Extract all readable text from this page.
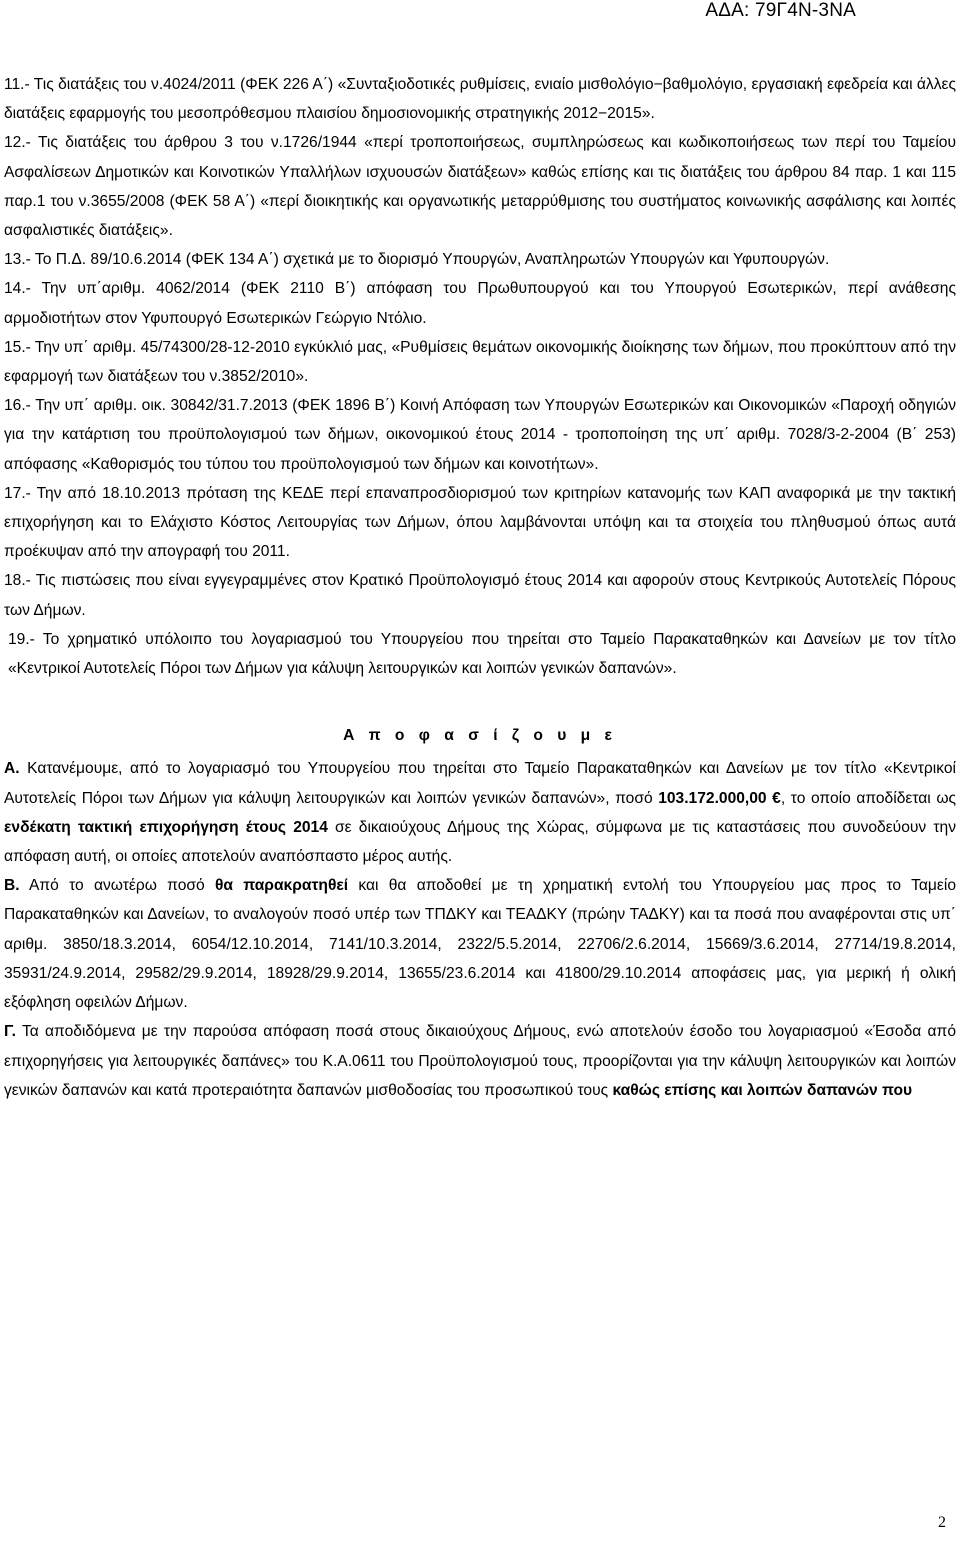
ΑΔΑ: 79Γ4Ν-3ΝΑ

11.- Τις διατάξεις του ν.4024/2011 (ΦΕΚ 226 Α΄) «Συνταξιοδοτικές ρυθμίσεις, ενιαίο μισθολόγιο−βαθμολόγιο, εργασιακή εφεδρεία και άλλες διατάξεις εφαρμογής του μεσοπρόθεσμου πλαισίου δημοσιονομικής στρατηγικής 2012−2015».

12.- Τις διατάξεις του άρθρου 3 του ν.1726/1944 «περί τροποποιήσεως, συμπληρώσεως και κωδικοποιήσεως των περί του Ταμείου Ασφαλίσεων Δημοτικών και Κοινοτικών Υπαλλήλων ισχυουσών διατάξεων» καθώς επίσης και τις διατάξεις του άρθρου 84 παρ. 1 και 115 παρ.1 του ν.3655/2008 (ΦΕΚ 58 Α΄) «περί διοικητικής και οργανωτικής μεταρρύθμισης του συστήματος κοινωνικής ασφάλισης και λοιπές ασφαλιστικές διατάξεις».

13.- Το Π.Δ. 89/10.6.2014 (ΦΕΚ 134 Α΄) σχετικά με το διορισμό Υπουργών, Αναπληρωτών Υπουργών και Υφυπουργών.

14.- Την υπ΄αριθμ. 4062/2014 (ΦΕΚ 2110 Β΄) απόφαση του Πρωθυπουργού και του Υπουργού Εσωτερικών, περί ανάθεσης αρμοδιοτήτων στον Υφυπουργό Εσωτερικών Γεώργιο Ντόλιο.

15.- Την υπ΄ αριθμ. 45/74300/28-12-2010 εγκύκλιό μας, «Ρυθμίσεις θεμάτων οικονομικής διοίκησης των δήμων, που προκύπτουν από την εφαρμογή των διατάξεων του ν.3852/2010».

16.- Την υπ΄ αριθμ. οικ. 30842/31.7.2013 (ΦΕΚ 1896 Β΄) Κοινή Απόφαση των Υπουργών Εσωτερικών και Οικονομικών «Παροχή οδηγιών για την κατάρτιση του προϋπολογισμού των δήμων, οικονομικού έτους 2014 - τροποποίηση της υπ΄ αριθμ. 7028/3-2-2004 (Β΄ 253) απόφασης «Καθορισμός του τύπου του προϋπολογισμού των δήμων και κοινοτήτων».

17.- Την από 18.10.2013 πρόταση της ΚΕΔΕ περί επαναπροσδιορισμού των κριτηρίων κατανομής των ΚΑΠ αναφορικά με την τακτική επιχορήγηση και το Ελάχιστο Κόστος Λειτουργίας των Δήμων, όπου λαμβάνονται υπόψη και τα στοιχεία του πληθυσμού όπως αυτά προέκυψαν από την απογραφή του 2011.

18.- Τις πιστώσεις που είναι εγγεγραμμένες στον Κρατικό Προϋπολογισμό έτους 2014 και αφορούν στους Κεντρικούς Αυτοτελείς Πόρους των Δήμων.

19.- Το χρηματικό υπόλοιπο του λογαριασμού του Υπουργείου που τηρείται στο Ταμείο Παρακαταθηκών και Δανείων με τον τίτλο «Κεντρικοί Αυτοτελείς Πόροι των Δήμων για κάλυψη λειτουργικών και λοιπών γενικών δαπανών».

Α π ο φ α σ ί ζ ο υ μ ε

Α. Κατανέμουμε, από το λογαριασμό του Υπουργείου που τηρείται στο Ταμείο Παρακαταθηκών και Δανείων με τον τίτλο «Κεντρικοί Αυτοτελείς Πόροι των Δήμων για κάλυψη λειτουργικών και λοιπών γενικών δαπανών», ποσό 103.172.000,00 €, το οποίο αποδίδεται ως ενδέκατη τακτική επιχορήγηση έτους 2014 σε δικαιούχους Δήμους της Χώρας, σύμφωνα με τις καταστάσεις που συνοδεύουν την απόφαση αυτή, οι οποίες αποτελούν αναπόσπαστο μέρος αυτής.

Β. Από το ανωτέρω ποσό θα παρακρατηθεί και θα αποδοθεί με τη χρηματική εντολή του Υπουργείου μας προς το Ταμείο Παρακαταθηκών και Δανείων, το αναλογούν ποσό υπέρ των ΤΠΔΚΥ και ΤΕΑΔΚΥ (πρώην ΤΑΔΚΥ) και τα ποσά που αναφέρονται στις υπ΄ αριθμ. 3850/18.3.2014, 6054/12.10.2014, 7141/10.3.2014, 2322/5.5.2014, 22706/2.6.2014, 15669/3.6.2014, 27714/19.8.2014, 35931/24.9.2014, 29582/29.9.2014, 18928/29.9.2014, 13655/23.6.2014 και 41800/29.10.2014 αποφάσεις μας, για μερική ή ολική εξόφληση οφειλών Δήμων.

Γ. Τα αποδιδόμενα με την παρούσα απόφαση ποσά στους δικαιούχους Δήμους, ενώ αποτελούν έσοδο του λογαριασμού «Έσοδα από επιχορηγήσεις για λειτουργικές δαπάνες» του Κ.Α.0611 του Προϋπολογισμού τους, προορίζονται για την κάλυψη λειτουργικών και λοιπών γενικών δαπανών και κατά προτεραιότητα δαπανών μισθοδοσίας του προσωπικού τους καθώς επίσης και λοιπών δαπανών που

2
